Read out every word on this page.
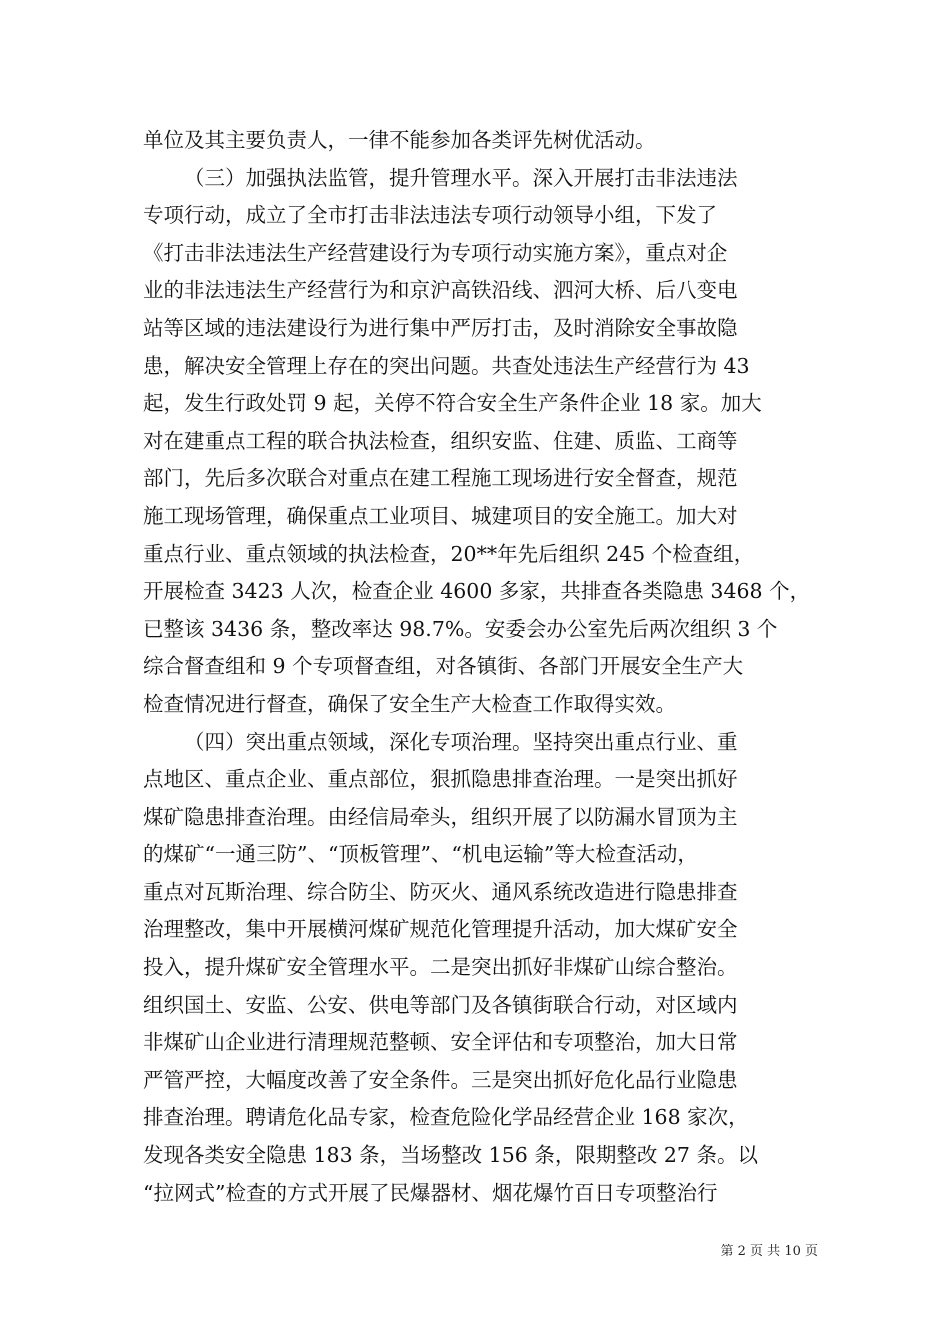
单位及其主要负责人，一律不能参加各类评先树优活动。
（三）加强执法监管，提升管理水平。深入开展打击非法违法
专项行动，成立了全市打击非法违法专项行动领导小组，下发了
《打击非法违法生产经营建设行为专项行动实施方案》，重点对企
业的非法违法生产经营行为和京沪高铁沿线、泗河大桥、后八变电
站等区域的违法建设行为进行集中严厉打击，及时消除安全事故隐
患，解决安全管理上存在的突出问题。共查处违法生产经营行为 43
起，发生行政处罚 9 起，关停不符合安全生产条件企业 18 家。加大
对在建重点工程的联合执法检查，组织安监、住建、质监、工商等
部门，先后多次联合对重点在建工程施工现场进行安全督查，规范
施工现场管理，确保重点工业项目、城建项目的安全施工。加大对
重点行业、重点领域的执法检查，20**年先后组织 245 个检查组，
开展检查 3423 人次，检查企业 4600 多家，共排查各类隐患 3468 个，
已整该 3436 条，整改率达 98.7%。安委会办公室先后两次组织 3 个
综合督查组和 9 个专项督查组，对各镇街、各部门开展安全生产大
检查情况进行督查，确保了安全生产大检查工作取得实效。
（四）突出重点领域，深化专项治理。坚持突出重点行业、重
点地区、重点企业、重点部位，狠抓隐患排查治理。一是突出抓好
煤矿隐患排查治理。由经信局牵头，组织开展了以防漏水冒顶为主
的煤矿“一通三防”、“顶板管理”、“机电运输”等大检查活动，
重点对瓦斯治理、综合防尘、防灭火、通风系统改造进行隐患排查
治理整改，集中开展横河煤矿规范化管理提升活动，加大煤矿安全
投入，提升煤矿安全管理水平。二是突出抓好非煤矿山综合整治。
组织国土、安监、公安、供电等部门及各镇街联合行动，对区域内
非煤矿山企业进行清理规范整顿、安全评估和专项整治，加大日常
严管严控，大幅度改善了安全条件。三是突出抓好危化品行业隐患
排查治理。聘请危化品专家，检查危险化学品经营企业 168 家次，
发现各类安全隐患 183 条，当场整改 156 条，限期整改 27 条。以
“拉网式”检查的方式开展了民爆器材、烟花爆竹百日专项整治行
第 2 页 共 10 页
